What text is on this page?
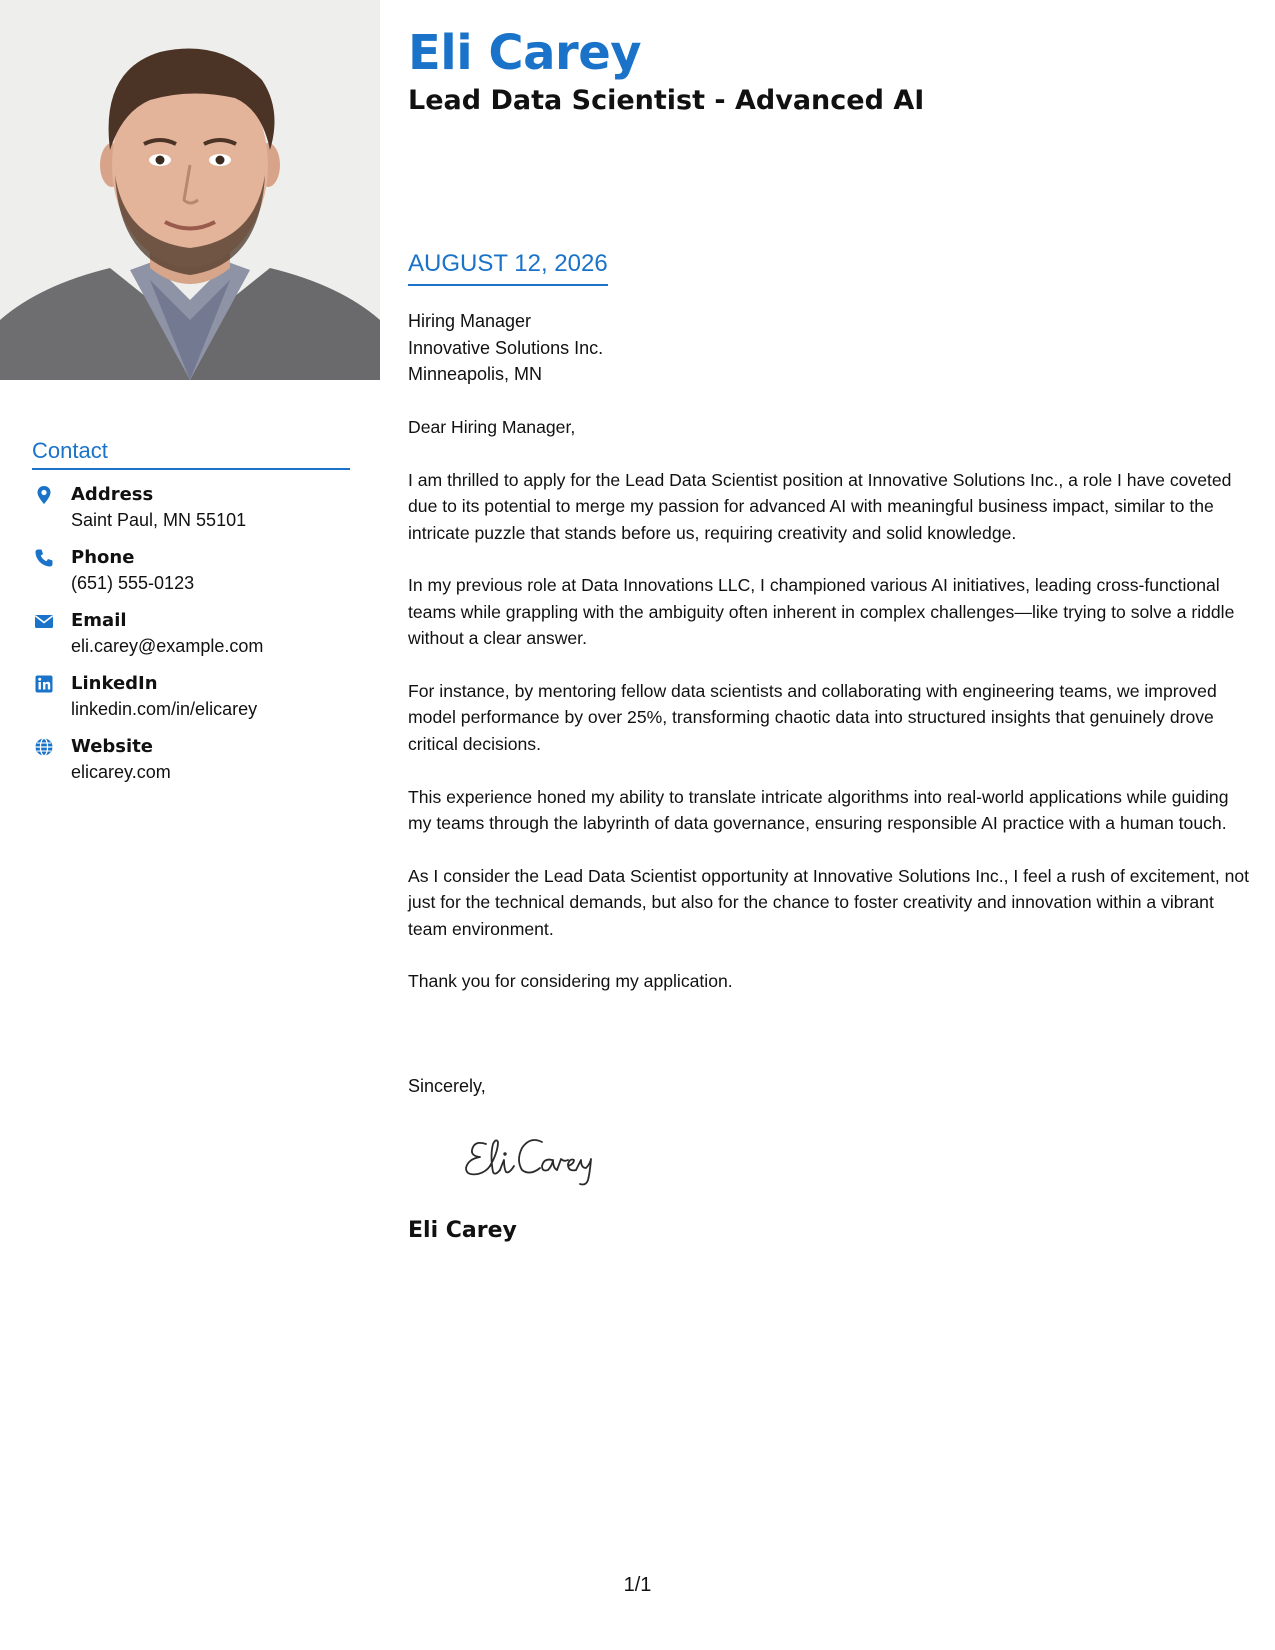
Eli Carey
Lead Data Scientist - Advanced AI
Contact
Address
Saint Paul, MN 55101
Phone
(651) 555-0123
Email
eli.carey@example.com
LinkedIn
linkedin.com/in/elicarey
Website
elicarey.com
AUGUST 12, 2026
Hiring Manager
Innovative Solutions Inc.
Minneapolis, MN

Dear Hiring Manager,

I am thrilled to apply for the Lead Data Scientist position at Innovative Solutions Inc., a role I have coveted due to its potential to merge my passion for advanced AI with meaningful business impact, similar to the intricate puzzle that stands before us, requiring creativity and solid knowledge.

In my previous role at Data Innovations LLC, I championed various AI initiatives, leading cross-functional teams while grappling with the ambiguity often inherent in complex challenges—like trying to solve a riddle without a clear answer.

For instance, by mentoring fellow data scientists and collaborating with engineering teams, we improved model performance by over 25%, transforming chaotic data into structured insights that genuinely drove critical decisions.

This experience honed my ability to translate intricate algorithms into real-world applications while guiding my teams through the labyrinth of data governance, ensuring responsible AI practice with a human touch.

As I consider the Lead Data Scientist opportunity at Innovative Solutions Inc., I feel a rush of excitement, not just for the technical demands, but also for the chance to foster creativity and innovation within a vibrant team environment.

Thank you for considering my application.

Sincerely,
Eli Carey
1/1
